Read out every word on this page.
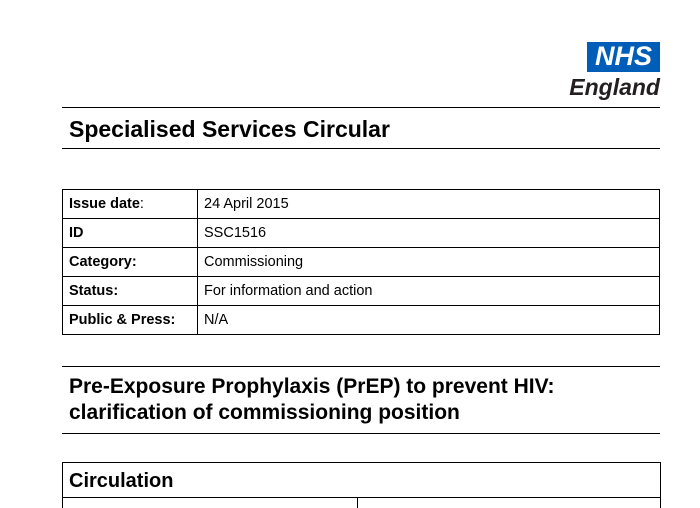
NHS
England
Specialised Services Circular
Issue date:	24 April 2015
ID	SSC1516
Category:	Commissioning
Status:	For information and action
Public & Press:	N/A
Pre-Exposure Prophylaxis (PrEP) to prevent HIV:
clarification of commissioning position
Circulation
